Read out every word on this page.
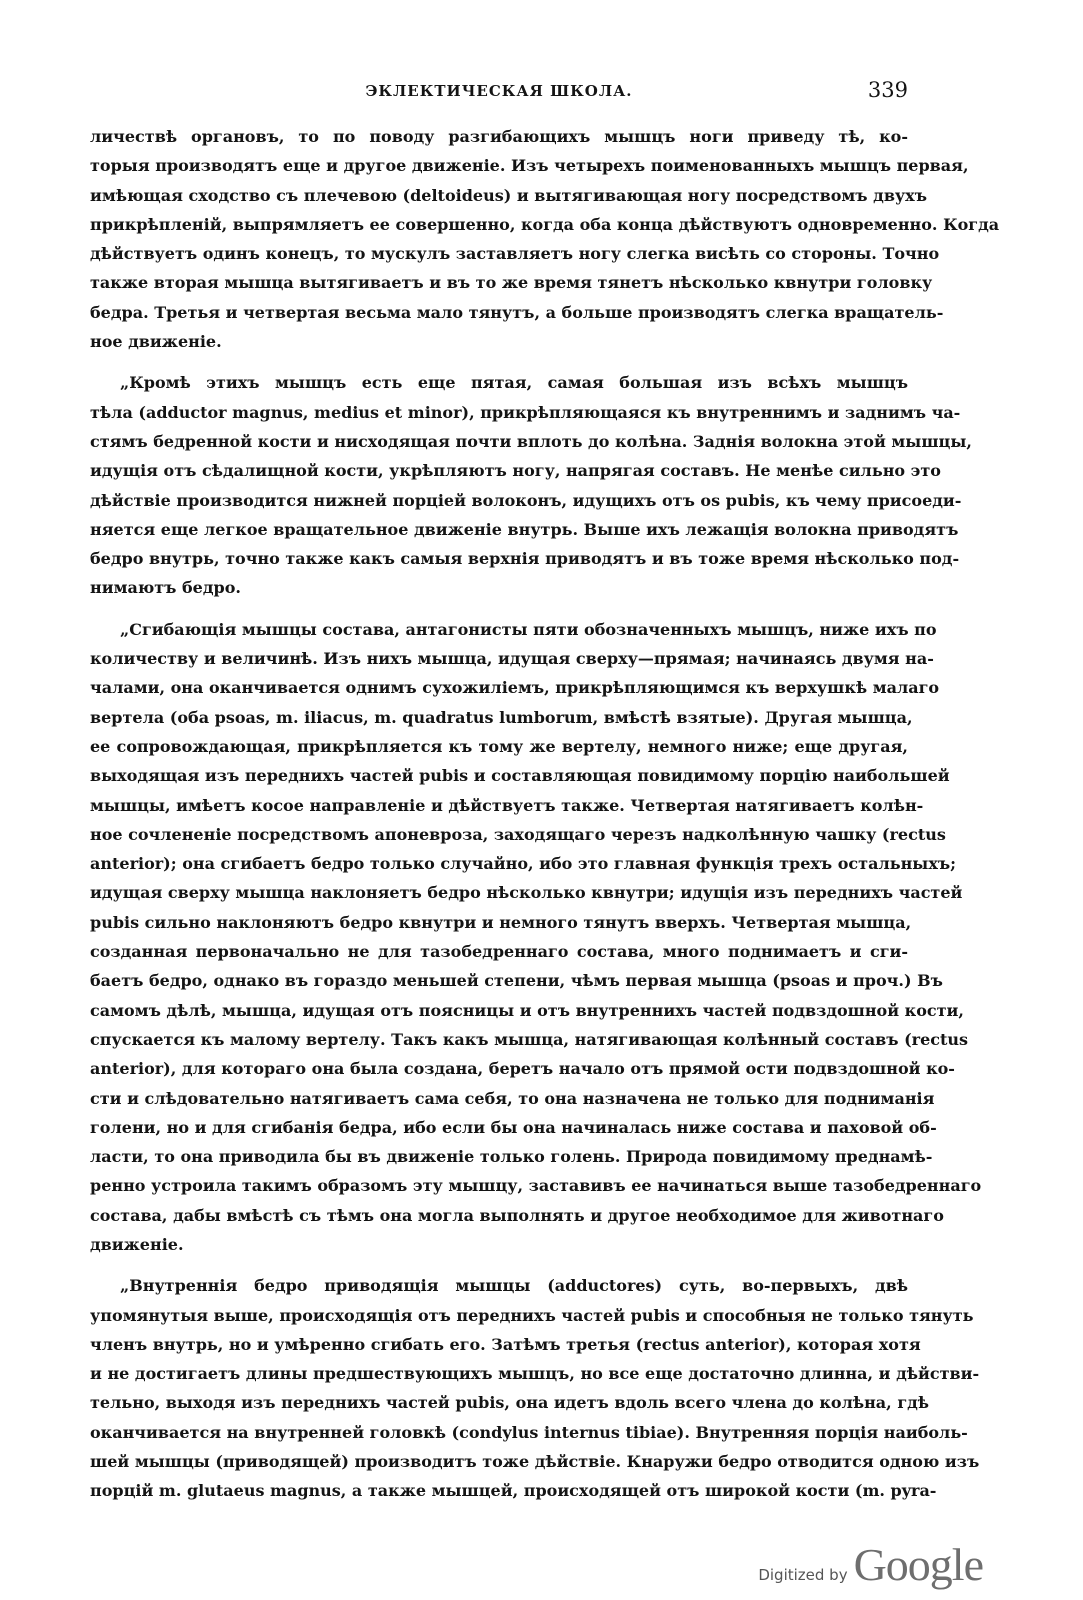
ЭКЛЕКТИЧЕСКАЯ ШКОЛА.	339
личествѣ органовъ, то по поводу разгибающихъ мышцъ ноги приведу тѣ, ко-
торыя производятъ еще и другое движеніе. Изъ четырехъ поименованныхъ мышцъ первая,
имѣющая сходство съ плечевою (deltoideus) и вытягивающая ногу посредствомъ двухъ
прикрѣпленій, выпрямляетъ ее совершенно, когда оба конца дѣйствуютъ одновременно. Когда
дѣйствуетъ одинъ конецъ, то мускулъ заставляетъ ногу слегка висѣть со стороны. Точно
также вторая мышца вытягиваетъ и въ то же время тянетъ нѣсколько квнутри головку
бедра. Третья и четвертая весьма мало тянутъ, а больше производятъ слегка вращатель-
ное движеніе.
„Кромѣ этихъ мышцъ есть еще пятая, самая большая изъ всѣхъ мышцъ
тѣла (adductor magnus, medius et minor), прикрѣпляющаяся къ внутреннимъ и заднимъ ча-
стямъ бедренной кости и нисходящая почти вплоть до колѣна. Заднія волокна этой мышцы,
идущія отъ сѣдалищной кости, укрѣпляютъ ногу, напрягая составъ. Не менѣе сильно это
дѣйствіе производится нижней порціей волоконъ, идущихъ отъ os pubis, къ чему присоеди-
няется еще легкое вращательное движеніе внутрь. Выше ихъ лежащія волокна приводятъ
бедро внутрь, точно также какъ самыя верхнія приводятъ и въ тоже время нѣсколько под-
нимаютъ бедро.
„Сгибающія мышцы состава, антагонисты пяти обозначенныхъ мышцъ, ниже ихъ по
количеству и величинѣ. Изъ нихъ мышца, идущая сверху—прямая; начинаясь двумя на-
чалами, она оканчивается однимъ сухожиліемъ, прикрѣпляющимся къ верхушкѣ малаго
вертела (оба psoas, m. iliacus, m. quadratus lumborum, вмѣстѣ взятые). Другая мышца,
ее сопровождающая, прикрѣпляется къ тому же вертелу, немного ниже; еще другая,
выходящая изъ переднихъ частей pubis и составляющая повидимому порцію наибольшей
мышцы, имѣетъ косое направленіе и дѣйствуетъ также. Четвертая натягиваетъ колѣн-
ное сочлененіе посредствомъ апоневроза, заходящаго черезъ надколѣнную чашку (rectus
anterior); она сгибаетъ бедро только случайно, ибо это главная функція трехъ остальныхъ;
идущая сверху мышца наклоняетъ бедро нѣсколько квнутри; идущія изъ переднихъ частей
pubis сильно наклоняютъ бедро квнутри и немного тянутъ вверхъ. Четвертая мышца,
созданная первоначально не для тазобедреннаго состава, много поднимаетъ и сги-
баетъ бедро, однако въ гораздо меньшей степени, чѣмъ первая мышца (psoas и проч.) Въ
самомъ дѣлѣ, мышца, идущая отъ поясницы и отъ внутреннихъ частей подвздошной кости,
спускается къ малому вертелу. Такъ какъ мышца, натягивающая колѣнный составъ (rectus
anterior), для котораго она была создана, беретъ начало отъ прямой ости подвздошной ко-
сти и слѣдовательно натягиваетъ сама себя, то она назначена не только для подниманія
голени, но и для сгибанія бедра, ибо если бы она начиналась ниже состава и паховой об-
ласти, то она приводила бы въ движеніе только голень. Природа повидимому преднамѣ-
ренно устроила такимъ образомъ эту мышцу, заставивъ ее начинаться выше тазобедреннаго
состава, дабы вмѣстѣ съ тѣмъ она могла выполнять и другое необходимое для животнаго
движеніе.
„Внутреннія бедро приводящія мышцы (adductores) суть, во-первыхъ, двѣ
упомянутыя выше, происходящія отъ переднихъ частей pubis и способныя не только тянуть
членъ внутрь, но и умѣренно сгибать его. Затѣмъ третья (rectus anterior), которая хотя
и не достигаетъ длины предшествующихъ мышцъ, но все еще достаточно длинна, и дѣйстви-
тельно, выходя изъ переднихъ частей pubis, она идетъ вдоль всего члена до колѣна, гдѣ
оканчивается на внутренней головкѣ (condylus internus tibiae). Внутренняя порція наиболь-
шей мышцы (приводящей) производитъ тоже дѣйствіе. Кнаружи бедро отводится одною изъ
порцій m. glutaeus magnus, а также мышцей, происходящей отъ широкой кости (m. pyra-
Digitized by Google
